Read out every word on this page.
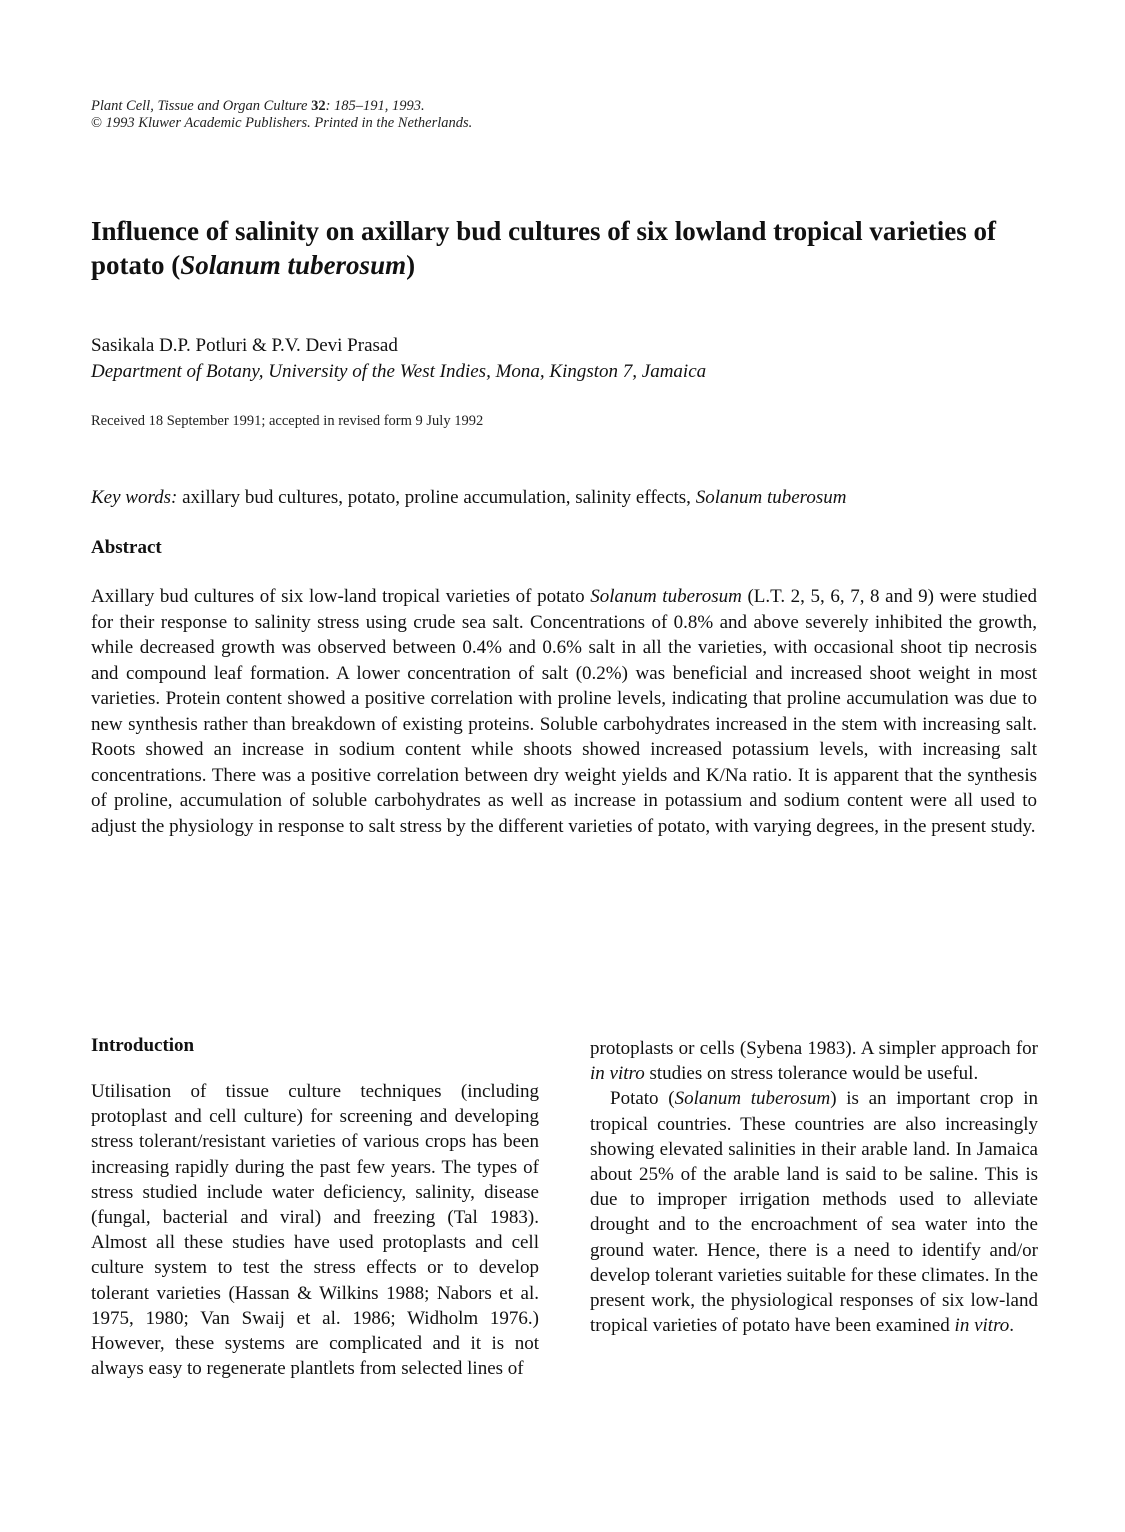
Plant Cell, Tissue and Organ Culture 32: 185–191, 1993.
© 1993 Kluwer Academic Publishers. Printed in the Netherlands.
Influence of salinity on axillary bud cultures of six lowland tropical varieties of potato (Solanum tuberosum)
Sasikala D.P. Potluri & P.V. Devi Prasad
Department of Botany, University of the West Indies, Mona, Kingston 7, Jamaica
Received 18 September 1991; accepted in revised form 9 July 1992
Key words: axillary bud cultures, potato, proline accumulation, salinity effects, Solanum tuberosum
Abstract
Axillary bud cultures of six low-land tropical varieties of potato Solanum tuberosum (L.T. 2, 5, 6, 7, 8 and 9) were studied for their response to salinity stress using crude sea salt. Concentrations of 0.8% and above severely inhibited the growth, while decreased growth was observed between 0.4% and 0.6% salt in all the varieties, with occasional shoot tip necrosis and compound leaf formation. A lower concentration of salt (0.2%) was beneficial and increased shoot weight in most varieties. Protein content showed a positive correlation with proline levels, indicating that proline accumulation was due to new synthesis rather than breakdown of existing proteins. Soluble carbohydrates increased in the stem with increasing salt. Roots showed an increase in sodium content while shoots showed increased potassium levels, with increasing salt concentrations. There was a positive correlation between dry weight yields and K/Na ratio. It is apparent that the synthesis of proline, accumulation of soluble carbohydrates as well as increase in potassium and sodium content were all used to adjust the physiology in response to salt stress by the different varieties of potato, with varying degrees, in the present study.
Introduction

Utilisation of tissue culture techniques (including protoplast and cell culture) for screening and developing stress tolerant/resistant varieties of various crops has been increasing rapidly during the past few years. The types of stress studied include water deficiency, salinity, disease (fungal, bacterial and viral) and freezing (Tal 1983). Almost all these studies have used protoplasts and cell culture system to test the stress effects or to develop tolerant varieties (Hassan & Wilkins 1988; Nabors et al. 1975, 1980; Van Swaij et al. 1986; Widholm 1976.) However, these systems are complicated and it is not always easy to regenerate plantlets from selected lines of

protoplasts or cells (Sybena 1983). A simpler approach for in vitro studies on stress tolerance would be useful.

Potato (Solanum tuberosum) is an important crop in tropical countries. These countries are also increasingly showing elevated salinities in their arable land. In Jamaica about 25% of the arable land is said to be saline. This is due to improper irrigation methods used to alleviate drought and to the encroachment of sea water into the ground water. Hence, there is a need to identify and/or develop tolerant varieties suitable for these climates. In the present work, the physiological responses of six low-land tropical varieties of potato have been examined in vitro.
